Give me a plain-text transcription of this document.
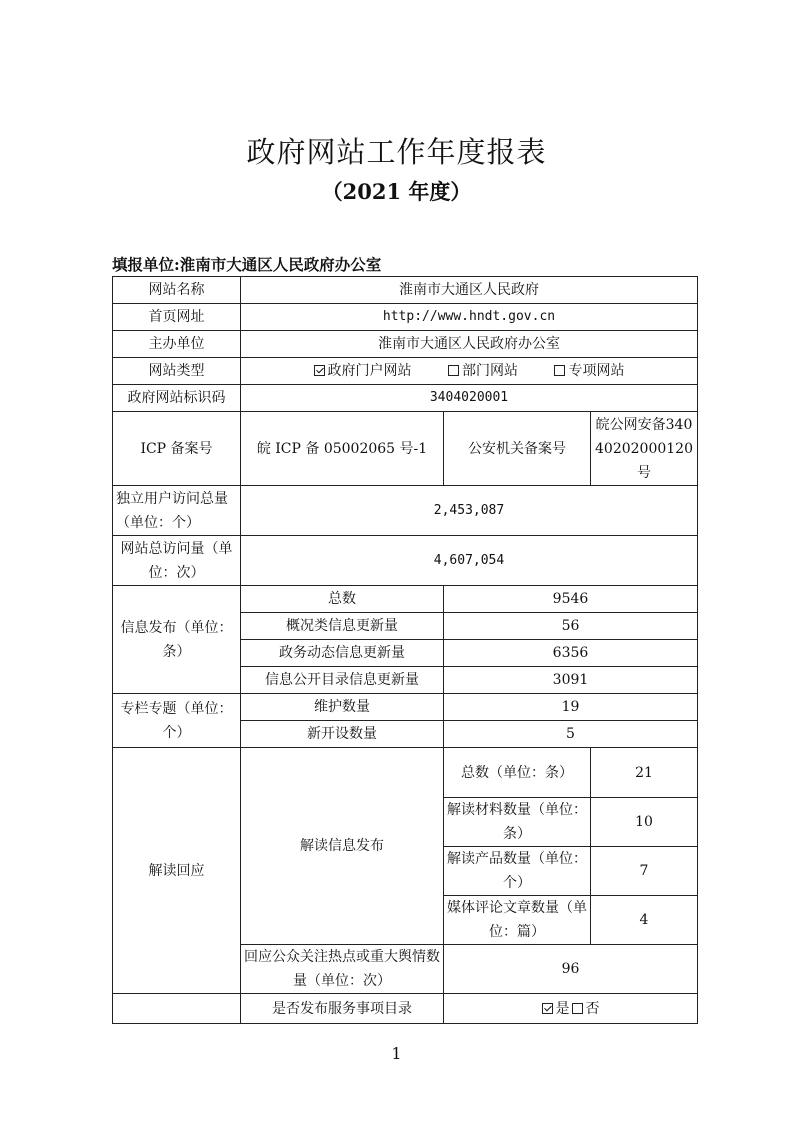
政府网站工作年度报表
（2021 年度）
填报单位:淮南市大通区人民政府办公室
网站名称	淮南市大通区人民政府		
首页网址	http://www.hndt.gov.cn		
主办单位	淮南市大通区人民政府办公室		
网站类型	政府门户网站 部门网站 专项网站		
政府网站标识码	3404020001		
ICP 备案号	皖 ICP 备 05002065 号-1	公安机关备案号	皖公网安备34040202000120号
独立用户访问总量（单位：个）	2,453,087		
网站总访问量（单位：次）	4,607,054		
信息发布（单位：条）	总数	9546	
	概况类信息更新量	56	
	政务动态信息更新量	6356	
	信息公开目录信息更新量	3091	
专栏专题（单位：个）	维护数量	19	
	新开设数量	5	
解读回应	解读信息发布	总数（单位：条）	21
		解读材料数量（单位：条）	10
		解读产品数量（单位：个）	7
		媒体评论文章数量（单位：篇）	4
	回应公众关注热点或重大舆情数量（单位：次）	96	
	是否发布服务事项目录	是 否	
1
